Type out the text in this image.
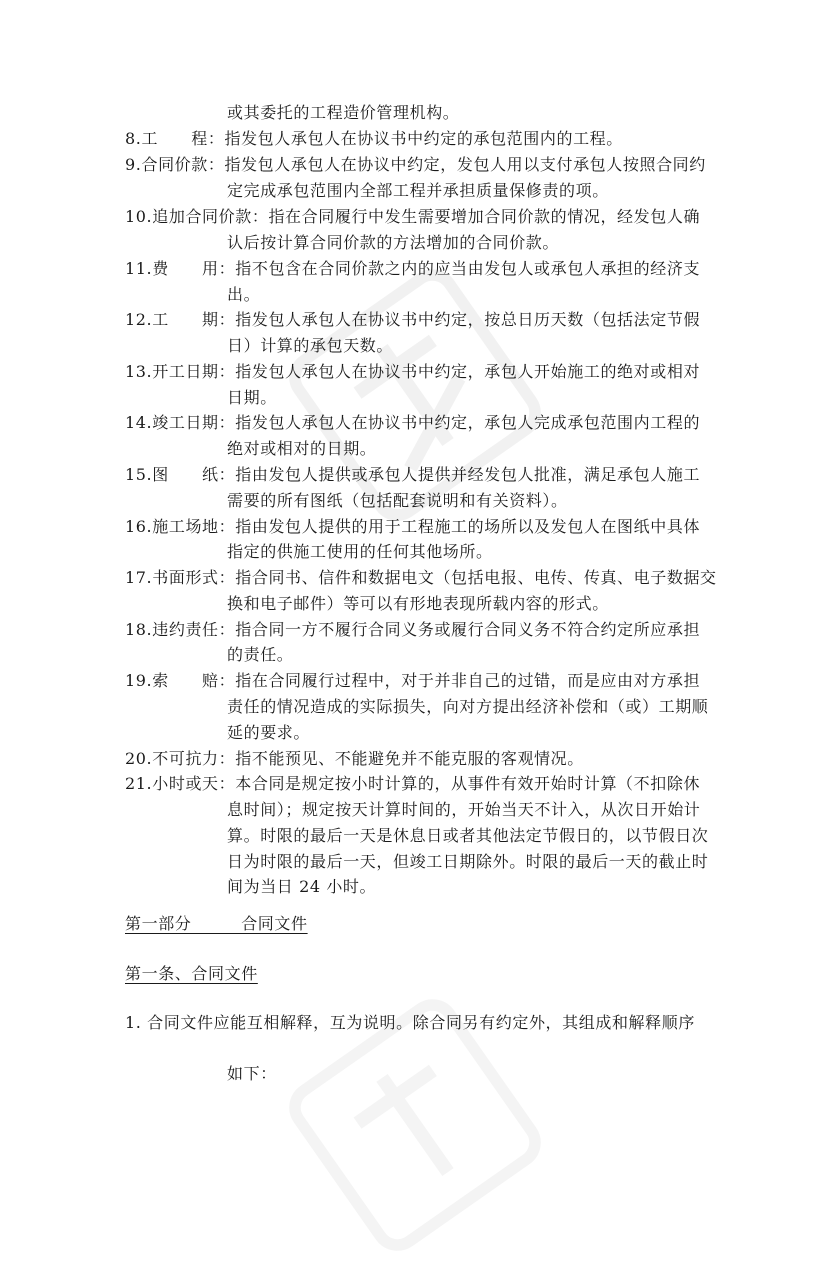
或其委托的工程造价管理机构。
8.工　　程：指发包人承包人在协议书中约定的承包范围内的工程。
9.合同价款：指发包人承包人在协议中约定，发包人用以支付承包人按照合同约
定完成承包范围内全部工程并承担质量保修责的项。
10.追加合同价款：指在合同履行中发生需要增加合同价款的情况，经发包人确
认后按计算合同价款的方法增加的合同价款。
11.费　　用：指不包含在合同价款之内的应当由发包人或承包人承担的经济支
出。
12.工　　期：指发包人承包人在协议书中约定，按总日历天数（包括法定节假
日）计算的承包天数。
13.开工日期：指发包人承包人在协议书中约定，承包人开始施工的绝对或相对
日期。
14.竣工日期：指发包人承包人在协议书中约定，承包人完成承包范围内工程的
绝对或相对的日期。
15.图　　纸：指由发包人提供或承包人提供并经发包人批准，满足承包人施工
需要的所有图纸（包括配套说明和有关资料）。
16.施工场地：指由发包人提供的用于工程施工的场所以及发包人在图纸中具体
指定的供施工使用的任何其他场所。
17.书面形式：指合同书、信件和数据电文（包括电报、电传、传真、电子数据交
换和电子邮件）等可以有形地表现所载内容的形式。
18.违约责任：指合同一方不履行合同义务或履行合同义务不符合约定所应承担
的责任。
19.索　　赔：指在合同履行过程中，对于并非自己的过错，而是应由对方承担
责任的情况造成的实际损失，向对方提出经济补偿和（或）工期顺
延的要求。
20.不可抗力：指不能预见、不能避免并不能克服的客观情况。
21.小时或天：本合同是规定按小时计算的，从事件有效开始时计算（不扣除休
息时间）；规定按天计算时间的，开始当天不计入，从次日开始计
算。时限的最后一天是休息日或者其他法定节假日的，以节假日次
日为时限的最后一天，但竣工日期除外。时限的最后一天的截止时
间为当日 24 小时。
第一部分　　　合同文件
第一条、合同文件
1. 合同文件应能互相解释，互为说明。除合同另有约定外，其组成和解释顺序
如下：
